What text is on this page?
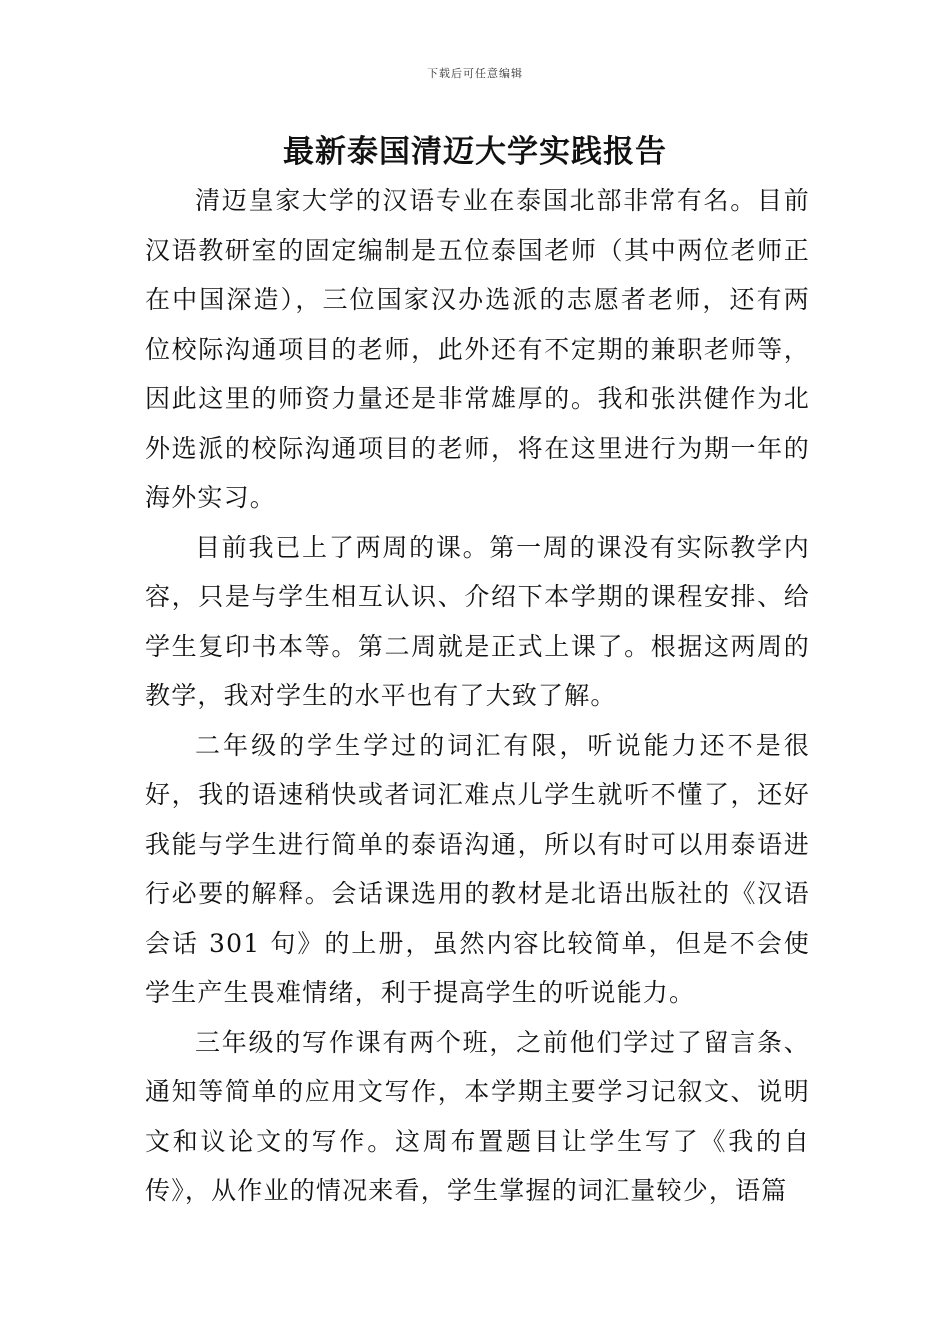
下载后可任意编辑
最新泰国清迈大学实践报告

清迈皇家大学的汉语专业在泰国北部非常有名。目前汉语教研室的固定编制是五位泰国老师（其中两位老师正在中国深造），三位国家汉办选派的志愿者老师，还有两位校际沟通项目的老师，此外还有不定期的兼职老师等，因此这里的师资力量还是非常雄厚的。我和张洪健作为北外选派的校际沟通项目的老师，将在这里进行为期一年的海外实习。

目前我已上了两周的课。第一周的课没有实际教学内容，只是与学生相互认识、介绍下本学期的课程安排、给学生复印书本等。第二周就是正式上课了。根据这两周的教学，我对学生的水平也有了大致了解。

二年级的学生学过的词汇有限，听说能力还不是很好，我的语速稍快或者词汇难点儿学生就听不懂了，还好我能与学生进行简单的泰语沟通，所以有时可以用泰语进行必要的解释。会话课选用的教材是北语出版社的《汉语会话 301 句》的上册，虽然内容比较简单，但是不会使学生产生畏难情绪，利于提高学生的听说能力。

三年级的写作课有两个班，之前他们学过了留言条、通知等简单的应用文写作，本学期主要学习记叙文、说明文和议论文的写作。这周布置题目让学生写了《我的自传》，从作业的情况来看，学生掌握的词汇量较少，语篇
